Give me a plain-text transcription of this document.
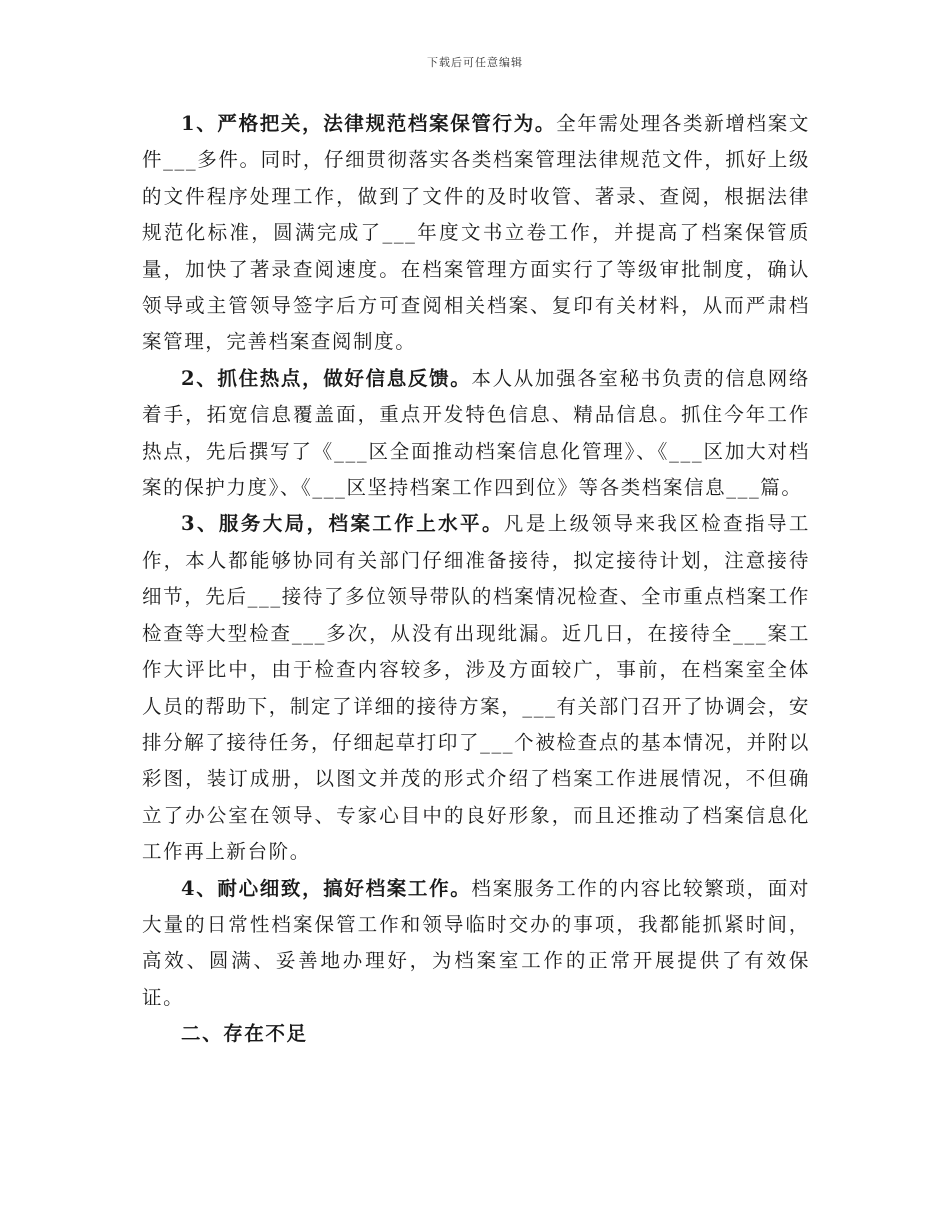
下载后可任意编辑

1、严格把关，法律规范档案保管行为。全年需处理各类新增档案文件___多件。同时，仔细贯彻落实各类档案管理法律规范文件，抓好上级的文件程序处理工作，做到了文件的及时收管、著录、查阅，根据法律规范化标准，圆满完成了___年度文书立卷工作，并提高了档案保管质量，加快了著录查阅速度。在档案管理方面实行了等级审批制度，确认领导或主管领导签字后方可查阅相关档案、复印有关材料，从而严肃档案管理，完善档案查阅制度。

2、抓住热点，做好信息反馈。本人从加强各室秘书负责的信息网络着手，拓宽信息覆盖面，重点开发特色信息、精品信息。抓住今年工作热点，先后撰写了《___区全面推动档案信息化管理》、《___区加大对档案的保护力度》、《___区坚持档案工作四到位》等各类档案信息___篇。

3、服务大局，档案工作上水平。凡是上级领导来我区检查指导工作，本人都能够协同有关部门仔细准备接待，拟定接待计划，注意接待细节，先后___接待了多位领导带队的档案情况检查、全市重点档案工作检查等大型检查___多次，从没有出现纰漏。近几日，在接待全___案工作大评比中，由于检查内容较多，涉及方面较广，事前，在档案室全体人员的帮助下，制定了详细的接待方案，___有关部门召开了协调会，安排分解了接待任务，仔细起草打印了___个被检查点的基本情况，并附以彩图，装订成册，以图文并茂的形式介绍了档案工作进展情况，不但确立了办公室在领导、专家心目中的良好形象，而且还推动了档案信息化工作再上新台阶。

4、耐心细致，搞好档案工作。档案服务工作的内容比较繁琐，面对大量的日常性档案保管工作和领导临时交办的事项，我都能抓紧时间，高效、圆满、妥善地办理好，为档案室工作的正常开展提供了有效保证。

二、存在不足
